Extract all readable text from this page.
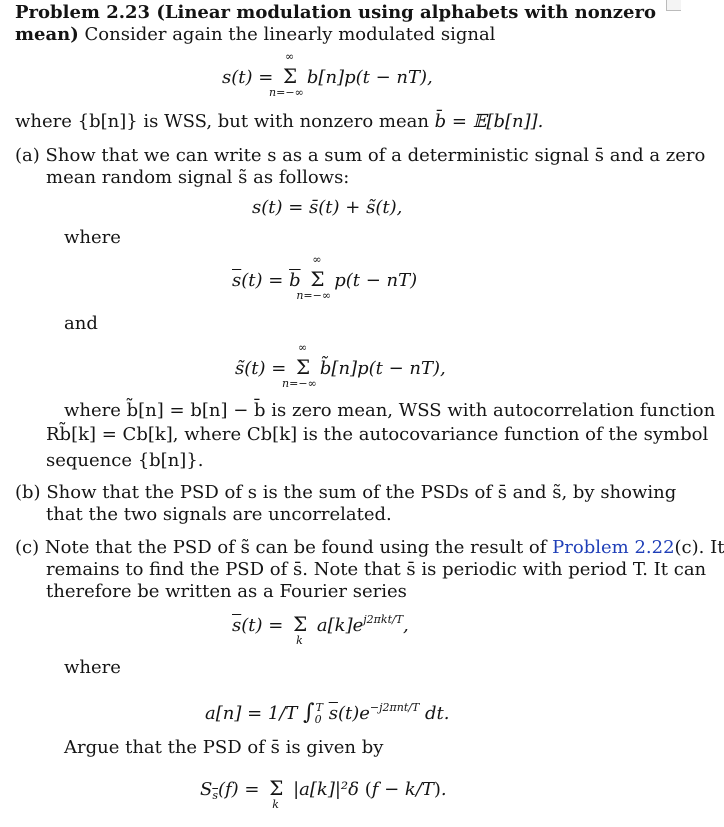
Problem 2.23 (Linear modulation using alphabets with nonzero
mean) Consider again the linearly modulated signal
s(t) = Σ
∞
n=−∞
b[n]p(t − nT),
where {b[n]} is WSS, but with nonzero mean b̄ = 𝔼[b[n]].
(a) Show that we can write s as a sum of a deterministic signal s̄ and a zero
mean random signal s̃ as follows:
s(t) = s̄(t) + s̃(t),
where
$\overline{s}(t) = \overline{b}$ Σ
∞
n=−∞
p(t − nT)
and
s̃(t) = Σ
∞
n=−∞
b̃[n]p(t − nT),
where b̃[n] = b[n] − b̄ is zero mean, WSS with autocorrelation function
Rb̃[k] = Cb[k], where Cb[k] is the autocovariance function of the symbol
sequence {b[n]}.
(b) Show that the PSD of s is the sum of the PSDs of s̄ and s̃, by showing
that the two signals are uncorrelated.
(c) Note that the PSD of s̃ can be found using the result of Problem 2.22(c). It
remains to find the PSD of s̄. Note that s̄ is periodic with period T. It can
therefore be written as a Fourier series
$\overline{s}(t) = \Sigma$
k
$a[k]e^{j2\pi kt/T}$,
where
a[n] = 1/T $\int_0^T$ $\overline{s}(t)e^{-j2\pi nt/T}$ dt.
Argue that the PSD of s̄ is given by
$S_{\overline{s}}(f) = \Sigma$
k
|a[k]|²δ (f − k/T).
